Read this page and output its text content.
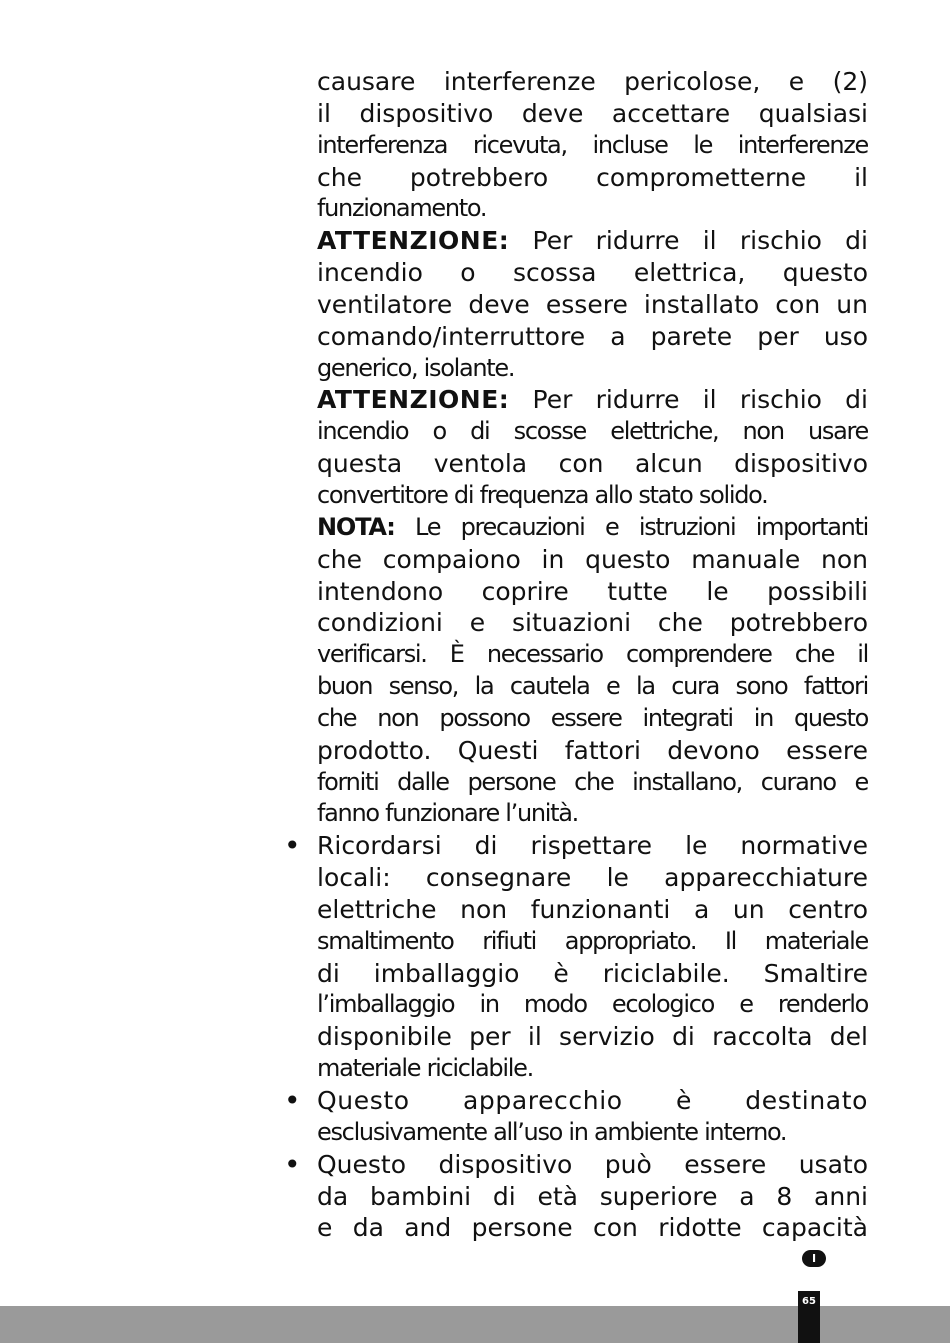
causare interferenze pericolose, e (2)
il dispositivo deve accettare qualsiasi
interferenza ricevuta, incluse le interferenze
che potrebbero comprometterne il
funzionamento.
ATTENZIONE: Per ridurre il rischio di
incendio o scossa elettrica, questo
ventilatore deve essere installato con un
comando/interruttore a parete per uso
generico, isolante.
ATTENZIONE: Per ridurre il rischio di
incendio o di scosse elettriche, non usare
questa ventola con alcun dispositivo
convertitore di frequenza allo stato solido.
NOTA: Le precauzioni e istruzioni importanti
che compaiono in questo manuale non
intendono coprire tutte le possibili
condizioni e situazioni che potrebbero
verificarsi. È necessario comprendere che il
buon senso, la cautela e la cura sono fattori
che non possono essere integrati in questo
prodotto. Questi fattori devono essere
forniti dalle persone che installano, curano e
fanno funzionare l’unità.
• Ricordarsi di rispettare le normative
locali: consegnare le apparecchiature
elettriche non funzionanti a un centro
smaltimento rifiuti appropriato. Il materiale
di imballaggio è riciclabile. Smaltire
l’imballaggio in modo ecologico e renderlo
disponibile per il servizio di raccolta del
materiale riciclabile.
• Questo apparecchio è destinato
esclusivamente all’uso in ambiente interno.
• Questo dispositivo può essere usato
da bambini di età superiore a 8 anni
e da and persone con ridotte capacità
I
65
